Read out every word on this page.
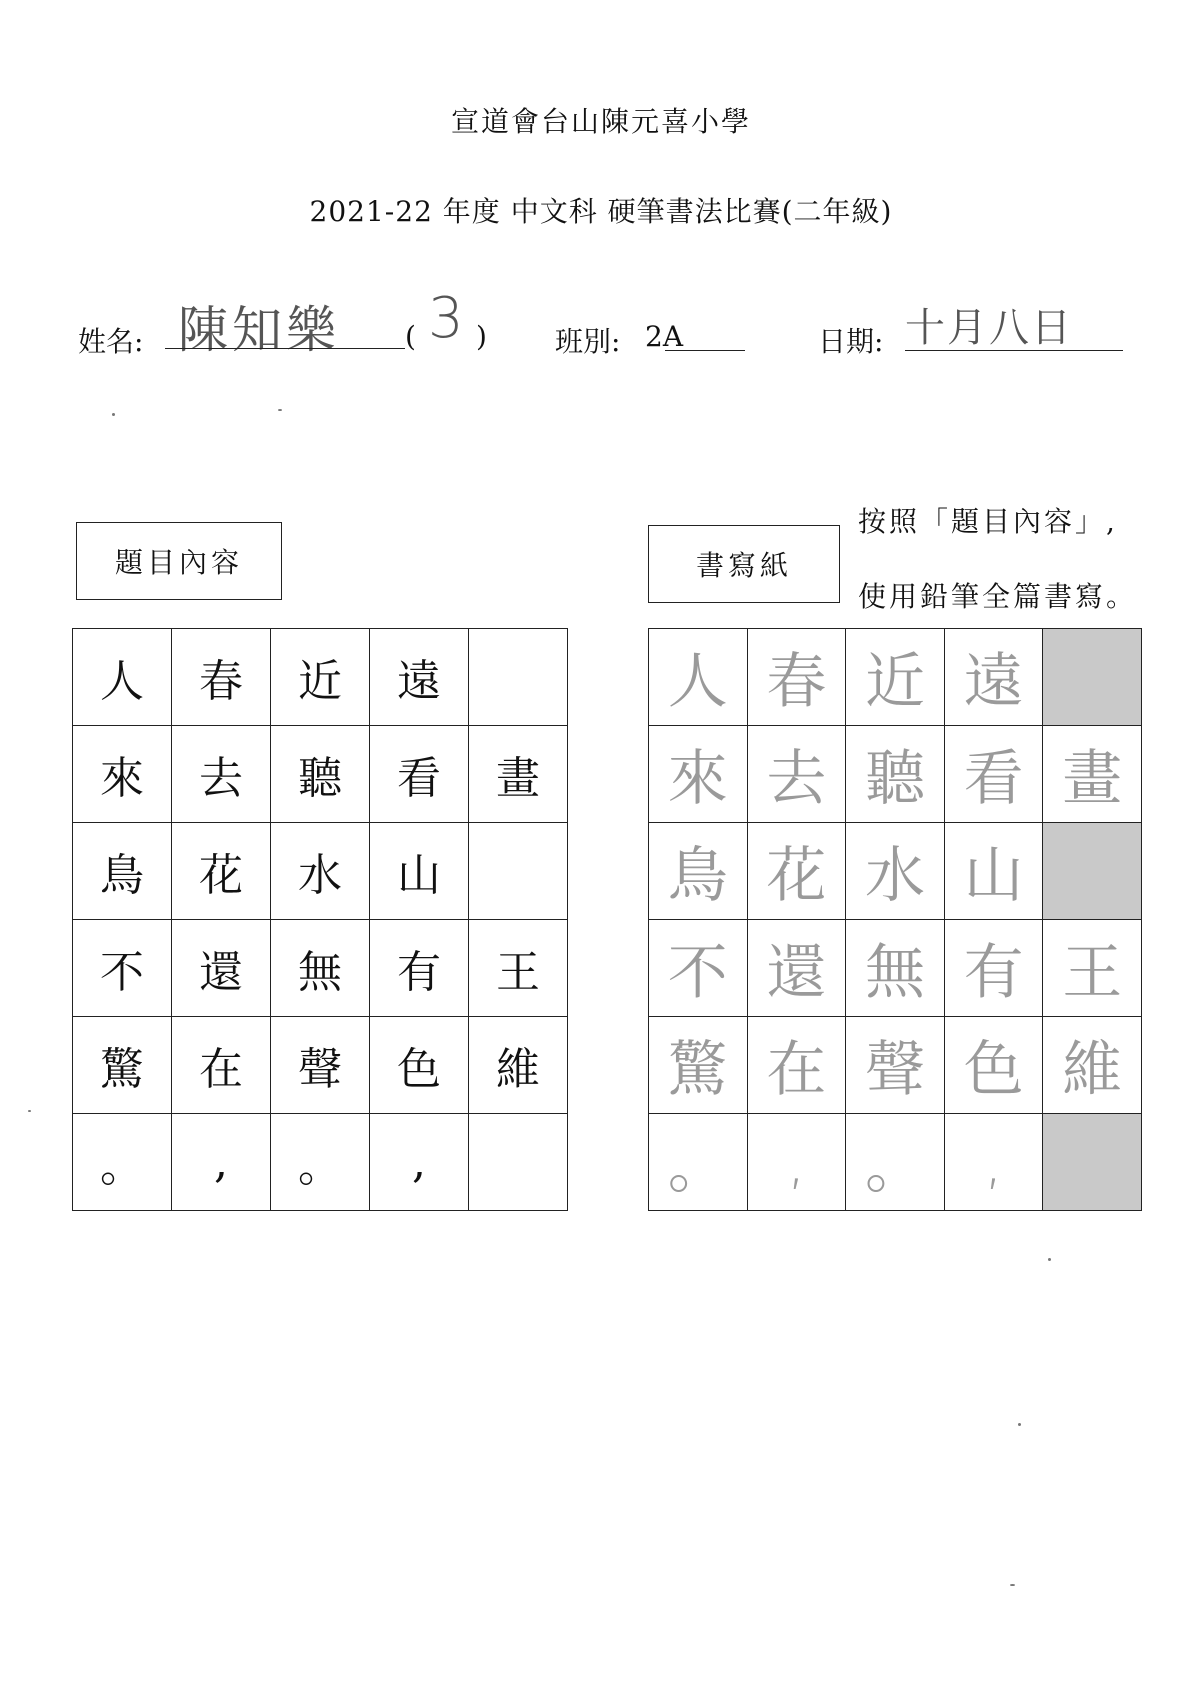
宣道會台山陳元喜小學
2021-22 年度 中文科 硬筆書法比賽(二年級)
姓名: 陳知樂 ( 3 ) 班別: 2A	日期: 十月八日
題目內容	書寫紙
按照「題目內容」,
使用鉛筆全篇書寫。
人	春	近	遠	
來	去	聽	看	畫
鳥	花	水	山	
不	還	無	有	王
驚	在	聲	色	維
。	,	。	,	
人	春	近	遠	
來	去	聽	看	畫
鳥	花	水	山	
不	還	無	有	王
驚	在	聲	色	維
。	,	。	,	
